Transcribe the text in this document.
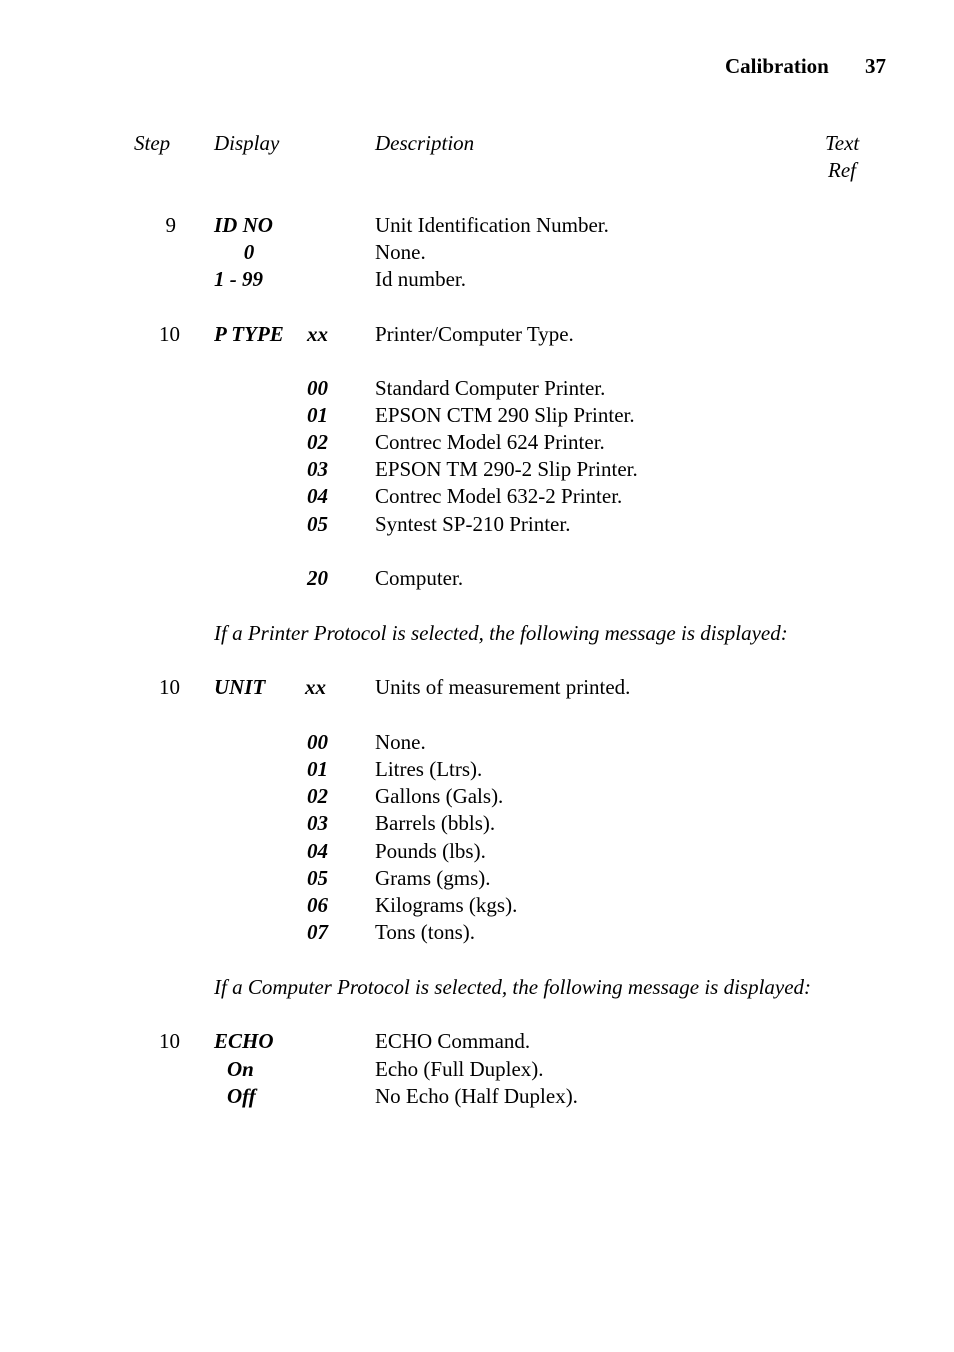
Calibration 37
Step Display	Description	Text
Ref
9 ID NO	Unit Identification Number.
0	None.
1 - 99	Id number.
10 P TYPE xx Printer/Computer Type.
00 Standard Computer Printer.
01 EPSON CTM 290 Slip Printer.
02 Contrec Model 624 Printer.
03 EPSON TM 290-2 Slip Printer.
04 Contrec Model 632-2 Printer.
05 Syntest SP-210 Printer.
20 Computer.
If a Printer Protocol is selected, the following message is displayed:
10 UNIT xx Units of measurement printed.
00 None.
01 Litres (Ltrs).
02 Gallons (Gals).
03 Barrels (bbls).
04 Pounds (lbs).
05 Grams (gms).
06 Kilograms (kgs).
07 Tons (tons).
If a Computer Protocol is selected, the following message is displayed:
10 ECHO	ECHO Command.
On	Echo (Full Duplex).
Off	No Echo (Half Duplex).
